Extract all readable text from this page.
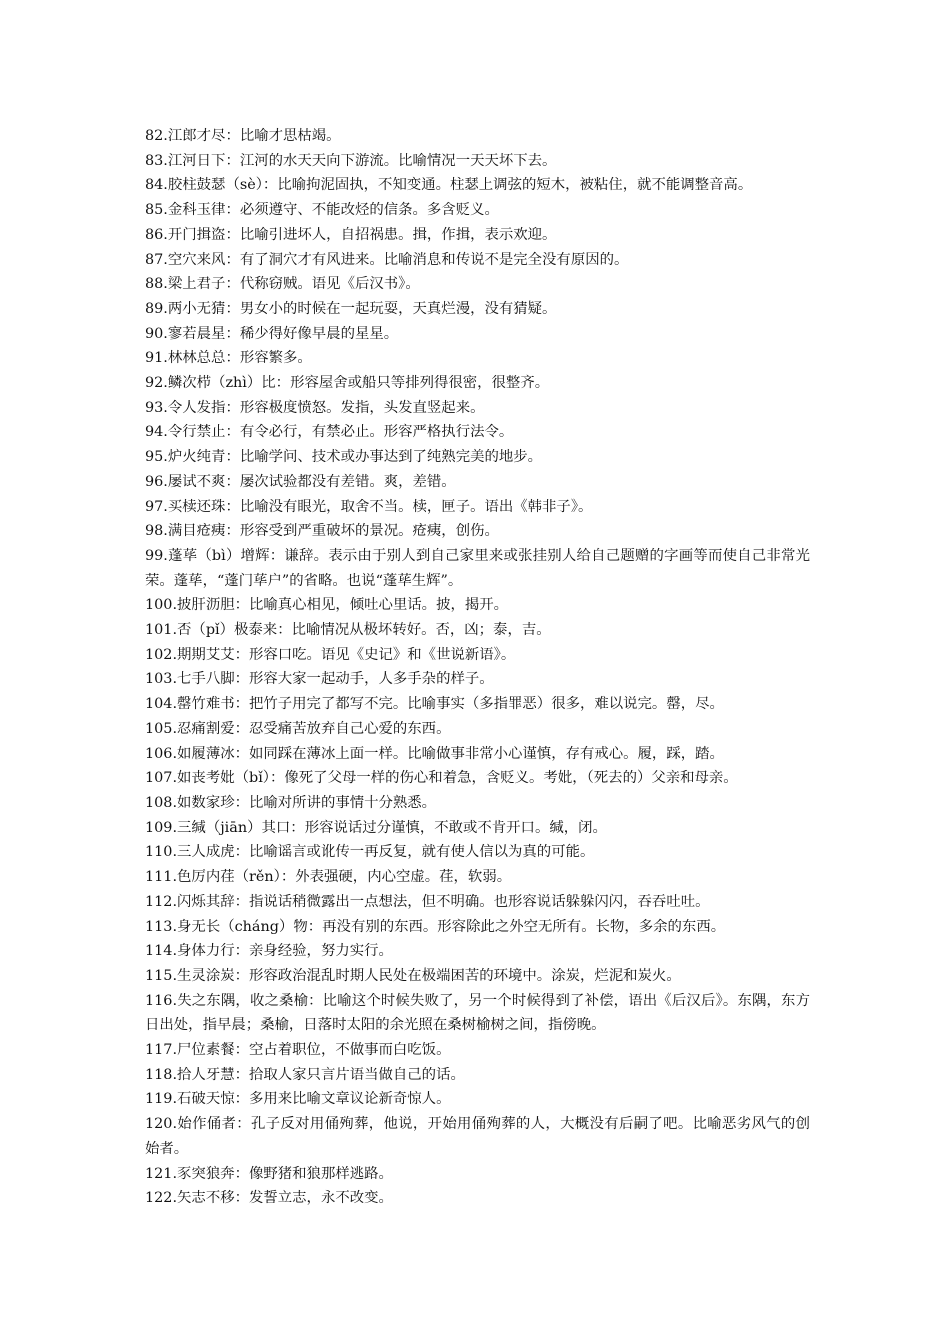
82.江郎才尽：比喻才思枯竭。

83.江河日下：江河的水天天向下游流。比喻情况一天天坏下去。

84.胶柱鼓瑟（sè）：比喻拘泥固执，不知变通。柱瑟上调弦的短木，被粘住，就不能调整音高。

85.金科玉律：必须遵守、不能改烃的信条。多含贬义。

86.开门揖盗：比喻引进坏人，自招祸患。揖，作揖，表示欢迎。

87.空穴来风：有了洞穴才有风进来。比喻消息和传说不是完全没有原因的。

88.梁上君子：代称窃贼。语见《后汉书》。

89.两小无猜：男女小的时候在一起玩耍，天真烂漫，没有猜疑。

90.寥若晨星：稀少得好像早晨的星星。

91.林林总总：形容繁多。

92.鳞次栉（zhì）比：形容屋舍或船只等排列得很密，很整齐。

93.令人发指：形容极度愤怒。发指，头发直竖起来。

94.令行禁止：有令必行，有禁必止。形容严格执行法令。

95.炉火纯青：比喻学问、技术或办事达到了纯熟完美的地步。

96.屡试不爽：屡次试验都没有差错。爽，差错。

97.买椟还珠：比喻没有眼光，取舍不当。椟，匣子。语出《韩非子》。

98.满目疮痍：形容受到严重破坏的景况。疮痍，创伤。

99.蓬荜（bì）增辉：谦辞。表示由于别人到自己家里来或张挂别人给自己题赠的字画等而使自己非常光荣。蓬荜，“蓬门荜户”的省略。也说“蓬荜生辉”。

100.披肝沥胆：比喻真心相见，倾吐心里话。披，揭开。

101.否（pǐ）极泰来：比喻情况从极坏转好。否，凶；泰，吉。

102.期期艾艾：形容口吃。语见《史记》和《世说新语》。

103.七手八脚：形容大家一起动手，人多手杂的样子。

104.罄竹难书：把竹子用完了都写不完。比喻事实（多指罪恶）很多，难以说完。罄，尽。

105.忍痛割爱：忍受痛苦放弃自己心爱的东西。

106.如履薄冰：如同踩在薄冰上面一样。比喻做事非常小心谨慎，存有戒心。履，踩，踏。

107.如丧考妣（bǐ）：像死了父母一样的伤心和着急，含贬义。考妣，（死去的）父亲和母亲。

108.如数家珍：比喻对所讲的事情十分熟悉。

109.三缄（jiān）其口：形容说话过分谨慎，不敢或不肯开口。缄，闭。

110.三人成虎：比喻谣言或讹传一再反复，就有使人信以为真的可能。

111.色厉内荏（rěn）：外表强硬，内心空虚。荏，软弱。

112.闪烁其辞：指说话稍微露出一点想法，但不明确。也形容说话躲躲闪闪，吞吞吐吐。

113.身无长（cháng）物：再没有别的东西。形容除此之外空无所有。长物，多余的东西。

114.身体力行：亲身经验，努力实行。

115.生灵涂炭：形容政治混乱时期人民处在极端困苦的环境中。涂炭，烂泥和炭火。

116.失之东隅，收之桑榆：比喻这个时候失败了，另一个时候得到了补偿，语出《后汉后》。东隅，东方日出处，指早晨；桑榆，日落时太阳的余光照在桑树榆树之间，指傍晚。

117.尸位素餐：空占着职位，不做事而白吃饭。

118.拾人牙慧：拾取人家只言片语当做自己的话。

119.石破天惊：多用来比喻文章议论新奇惊人。

120.始作俑者：孔子反对用俑殉葬，他说，开始用俑殉葬的人，大概没有后嗣了吧。比喻恶劣风气的创始者。

121.豕突狼奔：像野猪和狼那样逃路。

122.矢志不移：发誓立志，永不改变。
